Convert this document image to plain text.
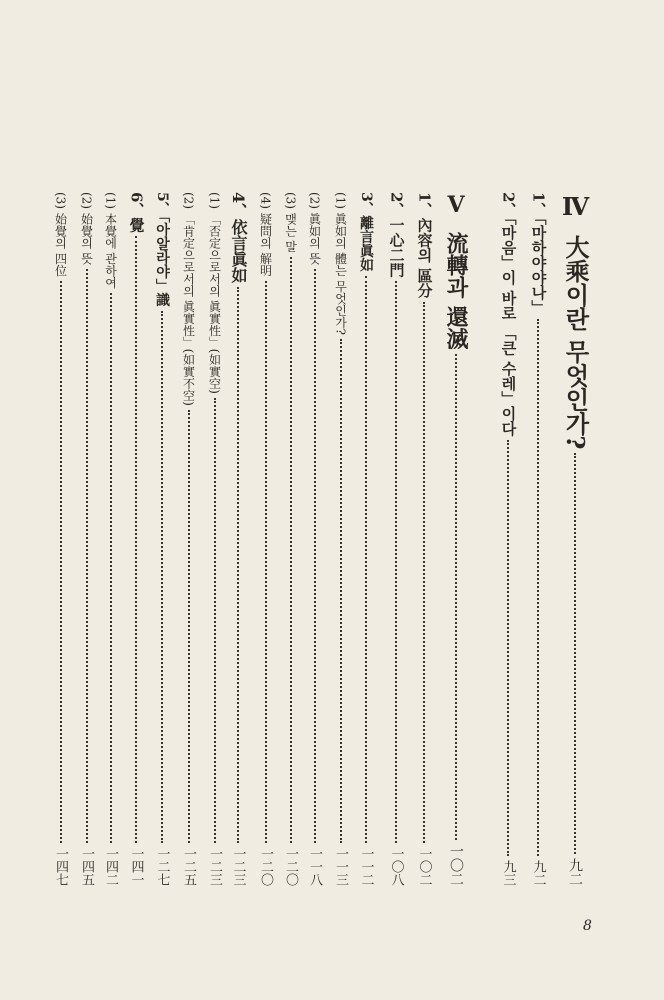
Ⅳ
大乘이란 무엇인가?
九二
Ⅴ
流轉과 還滅
一〇二
1、「마하야야나」
九二
2、「마음」이 바로 「큰 수레」이다
九三
1、內容의 區分
一〇二
2、一心二門
一〇八
3、離言眞如
一一二
(1) 眞如의 體는 무엇인가?
一一三
(2) 眞如의 뜻
一一八
(3) 맺는 말
一二〇
(4) 疑問의 解明
一二〇
4、依言眞如
一二三
(1) 「否定으로서의 眞實性」(如實空)
一二三
(2) 「肯定으로서의 眞實性」(如實不空)
一二五
5、「아알라야」識
一二七
6、覺
一四一
(1) 本覺에 관하여
一四二
(2) 始覺의 뜻
一四五
(3) 始覺의 四位
一四七
8
